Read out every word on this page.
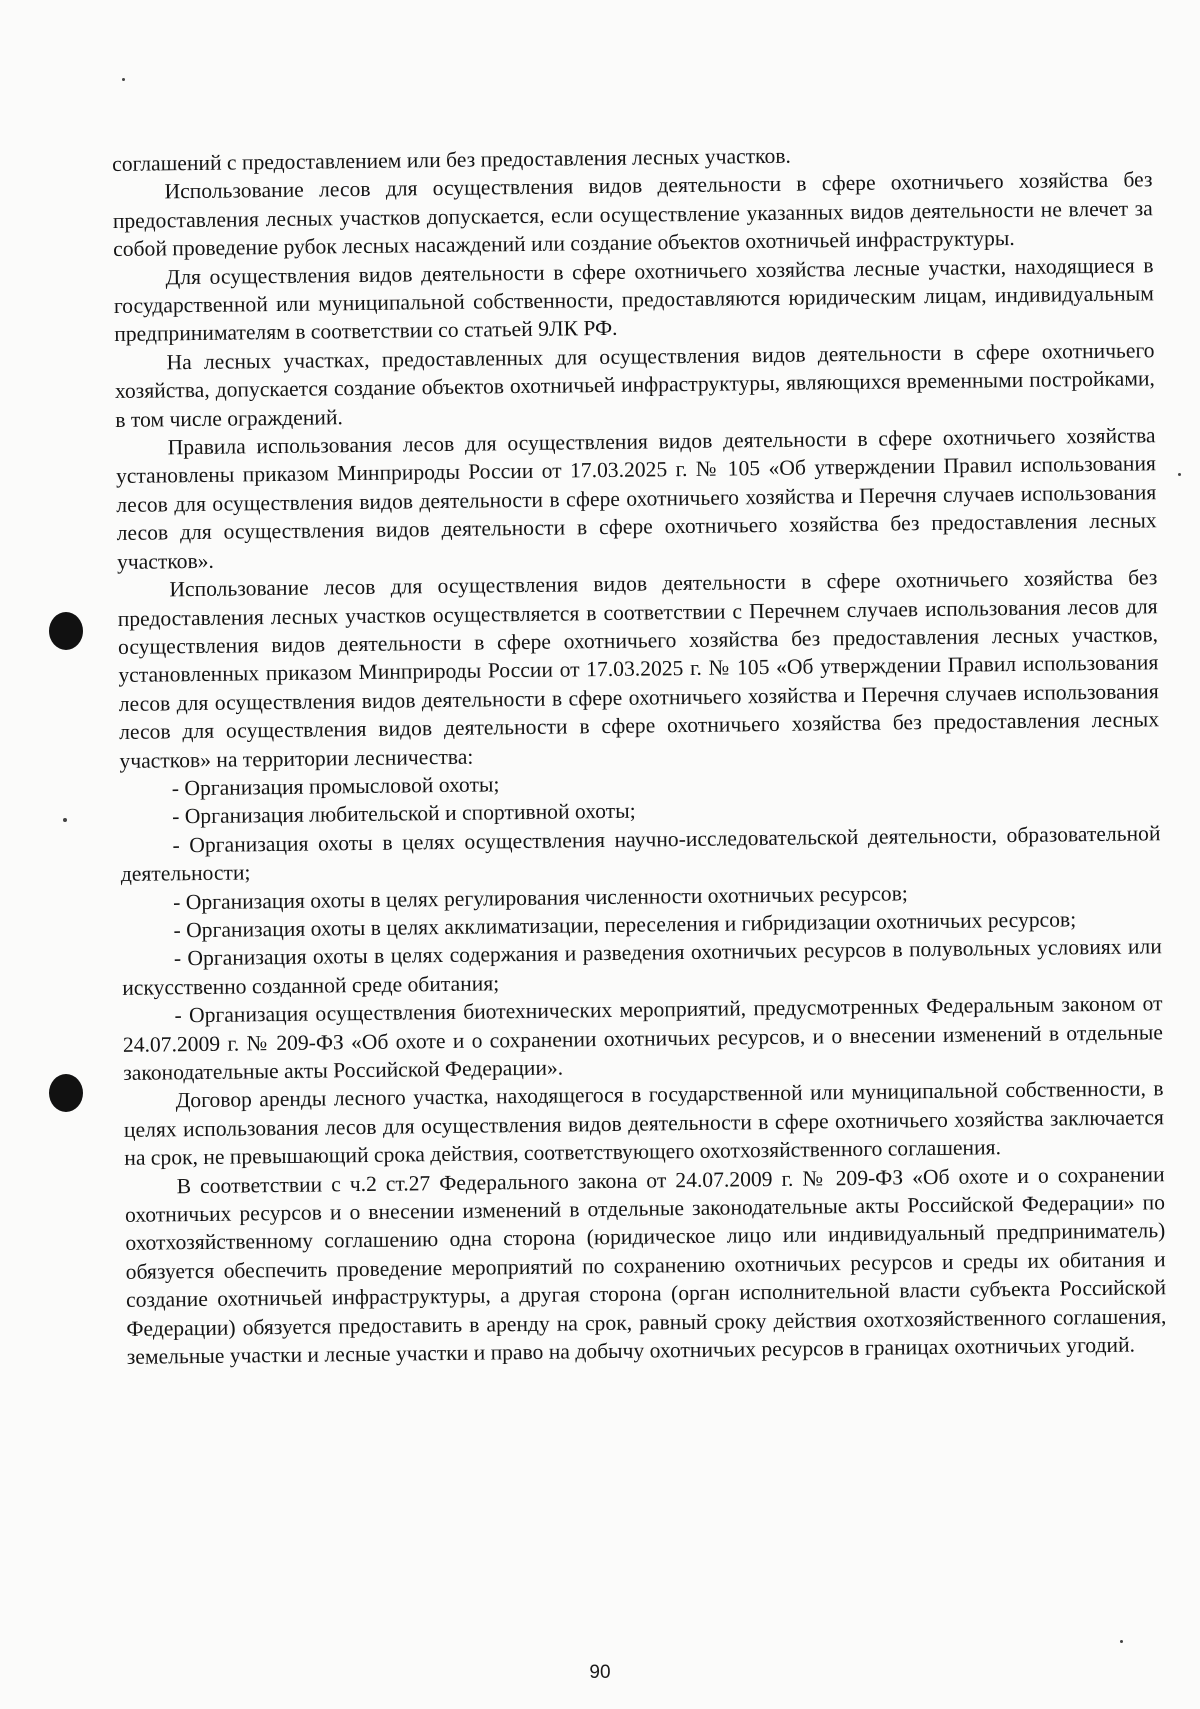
соглашений с предоставлением или без предоставления лесных участков.

Использование лесов для осуществления видов деятельности в сфере охотничьего хозяйства без предоставления лесных участков допускается, если осуществление указанных видов деятельности не влечет за собой проведение рубок лесных насаждений или создание объектов охотничьей инфраструктуры.

Для осуществления видов деятельности в сфере охотничьего хозяйства лесные участки, находящиеся в государственной или муниципальной собственности, предоставляются юридическим лицам, индивидуальным предпринимателям в соответствии со статьей 9ЛК РФ.

На лесных участках, предоставленных для осуществления видов деятельности в сфере охотничьего хозяйства, допускается создание объектов охотничьей инфраструктуры, являющихся временными постройками, в том числе ограждений.

Правила использования лесов для осуществления видов деятельности в сфере охотничьего хозяйства установлены приказом Минприроды России от 17.03.2025 г. № 105 «Об утверждении Правил использования лесов для осуществления видов деятельности в сфере охотничьего хозяйства и Перечня случаев использования лесов для осуществления видов деятельности в сфере охотничьего хозяйства без предоставления лесных участков».

Использование лесов для осуществления видов деятельности в сфере охотничьего хозяйства без предоставления лесных участков осуществляется в соответствии с Перечнем случаев использования лесов для осуществления видов деятельности в сфере охотничьего хозяйства без предоставления лесных участков, установленных приказом Минприроды России от 17.03.2025 г. № 105 «Об утверждении Правил использования лесов для осуществления видов деятельности в сфере охотничьего хозяйства и Перечня случаев использования лесов для осуществления видов деятельности в сфере охотничьего хозяйства без предоставления лесных участков» на территории лесничества:

- Организация промысловой охоты;

- Организация любительской и спортивной охоты;

- Организация охоты в целях осуществления научно-исследовательской деятельности, образовательной деятельности;

- Организация охоты в целях регулирования численности охотничьих ресурсов;

- Организация охоты в целях акклиматизации, переселения и гибридизации охотничьих ресурсов;

- Организация охоты в целях содержания и разведения охотничьих ресурсов в полувольных условиях или искусственно созданной среде обитания;

- Организация осуществления биотехнических мероприятий, предусмотренных Федеральным законом от 24.07.2009 г. № 209-ФЗ «Об охоте и о сохранении охотничьих ресурсов, и о внесении изменений в отдельные законодательные акты Российской Федерации».

Договор аренды лесного участка, находящегося в государственной или муниципальной собственности, в целях использования лесов для осуществления видов деятельности в сфере охотничьего хозяйства заключается на срок, не превышающий срока действия, соответствующего охотхозяйственного соглашения.

В соответствии с ч.2 ст.27 Федерального закона от 24.07.2009 г. № 209-ФЗ «Об охоте и о сохранении охотничьих ресурсов и о внесении изменений в отдельные законодательные акты Российской Федерации» по охотхозяйственному соглашению одна сторона (юридическое лицо или индивидуальный предприниматель) обязуется обеспечить проведение мероприятий по сохранению охотничьих ресурсов и среды их обитания и создание охотничьей инфраструктуры, а другая сторона (орган исполнительной власти субъекта Российской Федерации) обязуется предоставить в аренду на срок, равный сроку действия охотхозяйственного соглашения, земельные участки и лесные участки и право на добычу охотничьих ресурсов в границах охотничьих угодий.

90
